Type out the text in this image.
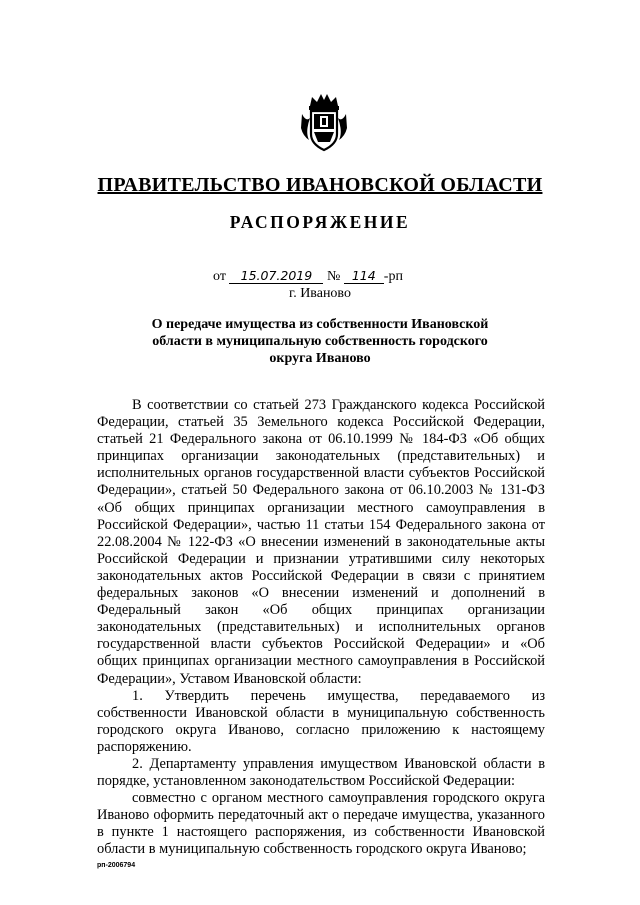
ПРАВИТЕЛЬСТВО ИВАНОВСКОЙ ОБЛАСТИ
РАСПОРЯЖЕНИЕ
от 15.07.2019 № 114 -рп
г. Иваново
О передаче имущества из собственности Ивановской области в муниципальную собственность городского округа Иваново

В соответствии со статьей 273 Гражданского кодекса Российской Федерации, статьей 35 Земельного кодекса Российской Федерации, статьей 21 Федерального закона от 06.10.1999 № 184-ФЗ «Об общих принципах организации законодательных (представительных) и исполнительных органов государственной власти субъектов Российской Федерации», статьей 50 Федерального закона от 06.10.2003 № 131-ФЗ «Об общих принципах организации местного самоуправления в Российской Федерации», частью 11 статьи 154 Федерального закона от 22.08.2004 № 122-ФЗ «О внесении изменений в законодательные акты Российской Федерации и признании утратившими силу некоторых законодательных актов Российской Федерации в связи с принятием федеральных законов «О внесении изменений и дополнений в Федеральный закон «Об общих принципах организации законодательных (представительных) и исполнительных органов государственной власти субъектов Российской Федерации» и «Об общих принципах организации местного самоуправления в Российской Федерации», Уставом Ивановской области:

1. Утвердить перечень имущества, передаваемого из собственности Ивановской области в муниципальную собственность городского округа Иваново, согласно приложению к настоящему распоряжению.

2. Департаменту управления имуществом Ивановской области в порядке, установленном законодательством Российской Федерации:

совместно с органом местного самоуправления городского округа Иваново оформить передаточный акт о передаче имущества, указанного в пункте 1 настоящего распоряжения, из собственности Ивановской области в муниципальную собственность городского округа Иваново;

рп-2006794
